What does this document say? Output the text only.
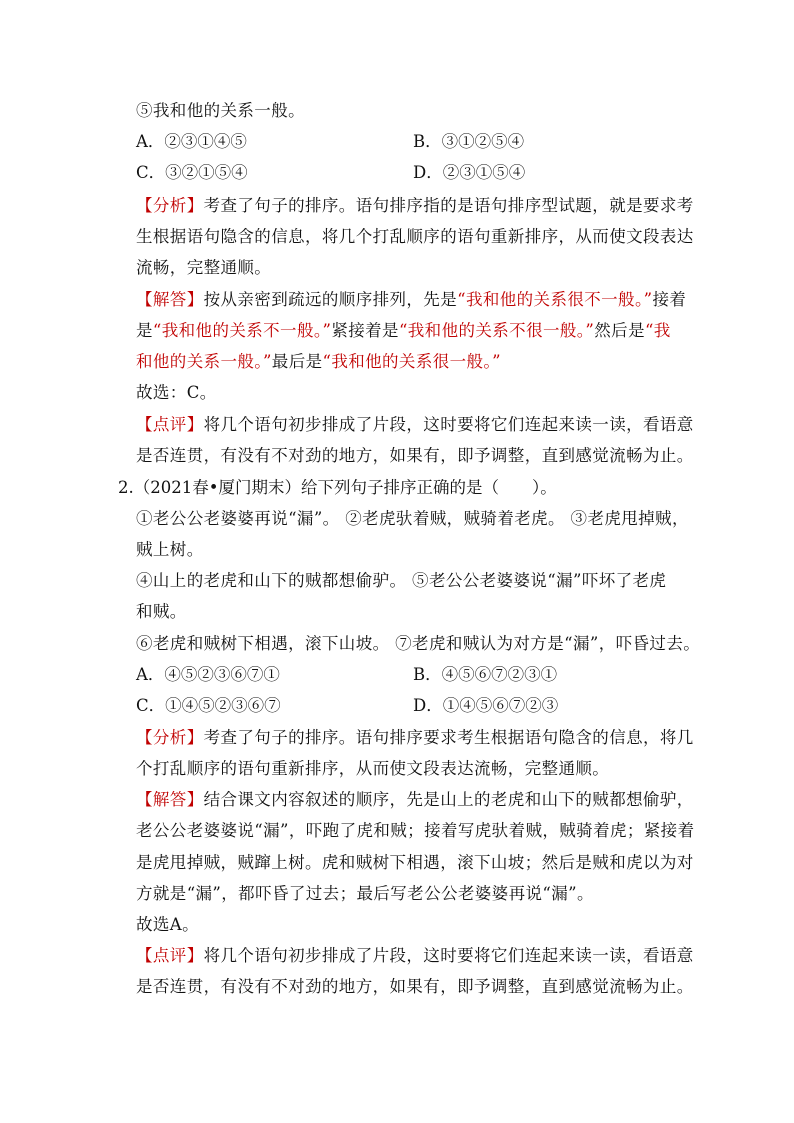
⑤我和他的关系一般。
A．②③①④⑤	B．③①②⑤④
C．③②①⑤④	D．②③①⑤④
【分析】考查了句子的排序。语句排序指的是语句排序型试题，就是要求考
生根据语句隐含的信息，将几个打乱顺序的语句重新排序，从而使文段表达
流畅，完整通顺。
【解答】按从亲密到疏远的顺序排列，先是“我和他的关系很不一般。”接着
是“我和他的关系不一般。”紧接着是“我和他的关系不很一般。”然后是“我
和他的关系一般。”最后是“我和他的关系很一般。”
故选：C。
【点评】将几个语句初步排成了片段，这时要将它们连起来读一读，看语意
是否连贯，有没有不对劲的地方，如果有，即予调整，直到感觉流畅为止。
2.（2021春•厦门期末）给下列句子排序正确的是（　　）。
①老公公老婆婆再说“漏”。 ②老虎驮着贼，贼骑着老虎。 ③老虎甩掉贼，
贼上树。
④山上的老虎和山下的贼都想偷驴。 ⑤老公公老婆婆说“漏”吓坏了老虎
和贼。
⑥老虎和贼树下相遇，滚下山坡。 ⑦老虎和贼认为对方是“漏”，吓昏过去。
A．④⑤②③⑥⑦①	B．④⑤⑥⑦②③①
C．①④⑤②③⑥⑦	D．①④⑤⑥⑦②③
【分析】考查了句子的排序。语句排序要求考生根据语句隐含的信息，将几
个打乱顺序的语句重新排序，从而使文段表达流畅，完整通顺。
【解答】结合课文内容叙述的顺序，先是山上的老虎和山下的贼都想偷驴，
老公公老婆婆说“漏”，吓跑了虎和贼；接着写虎驮着贼，贼骑着虎；紧接着
是虎甩掉贼，贼蹿上树。虎和贼树下相遇，滚下山坡；然后是贼和虎以为对
方就是“漏”，都吓昏了过去；最后写老公公老婆婆再说“漏”。
故选A。
【点评】将几个语句初步排成了片段，这时要将它们连起来读一读，看语意
是否连贯，有没有不对劲的地方，如果有，即予调整，直到感觉流畅为止。
